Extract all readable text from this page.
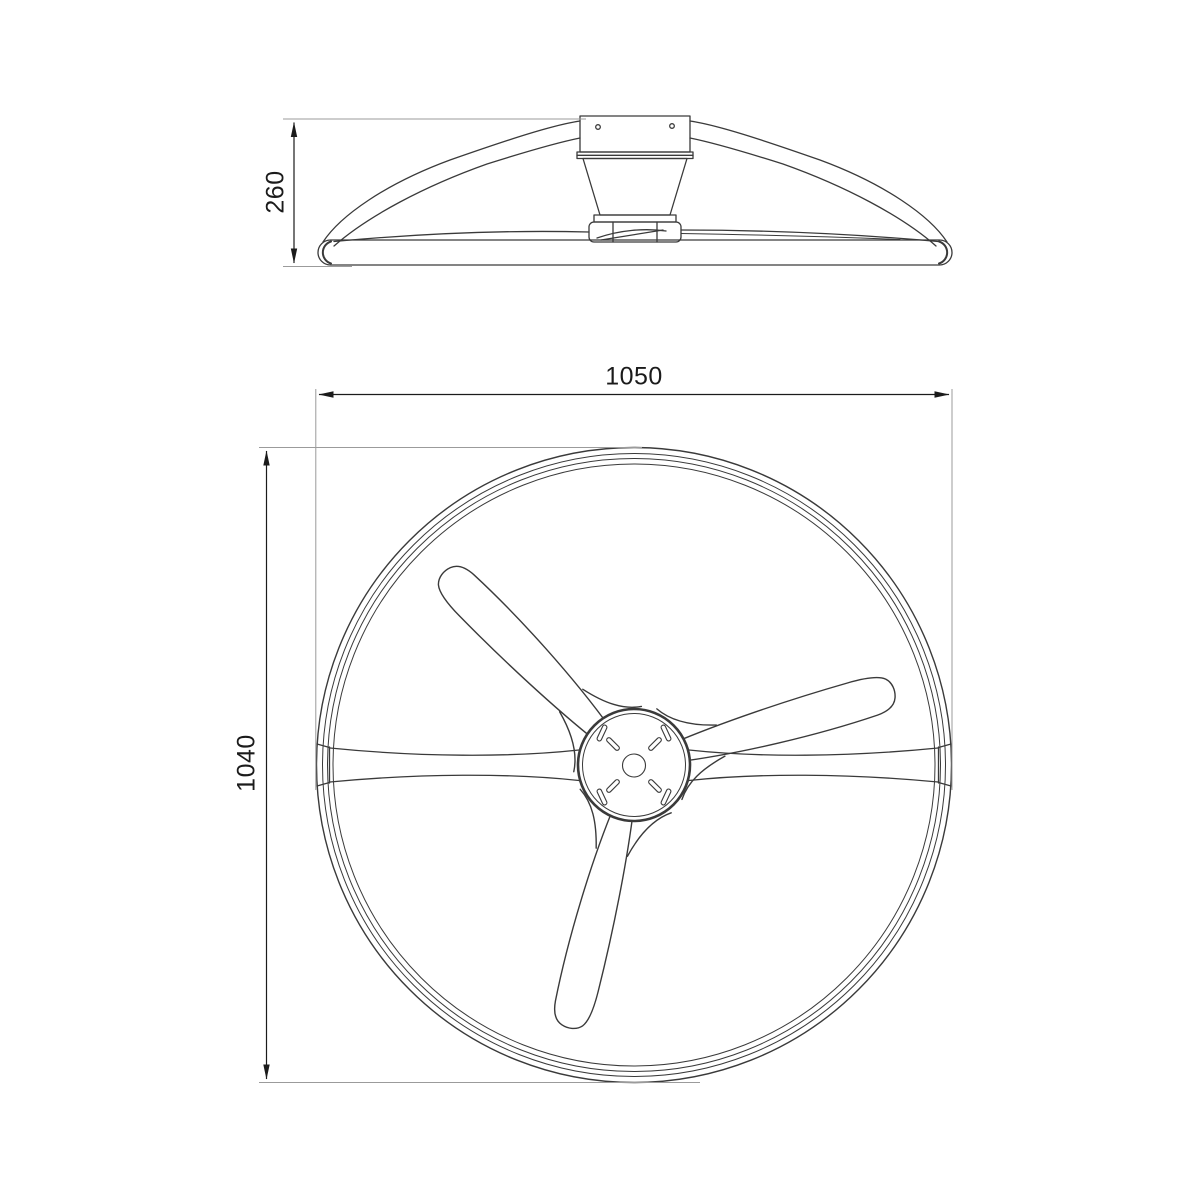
260
1050
1040
